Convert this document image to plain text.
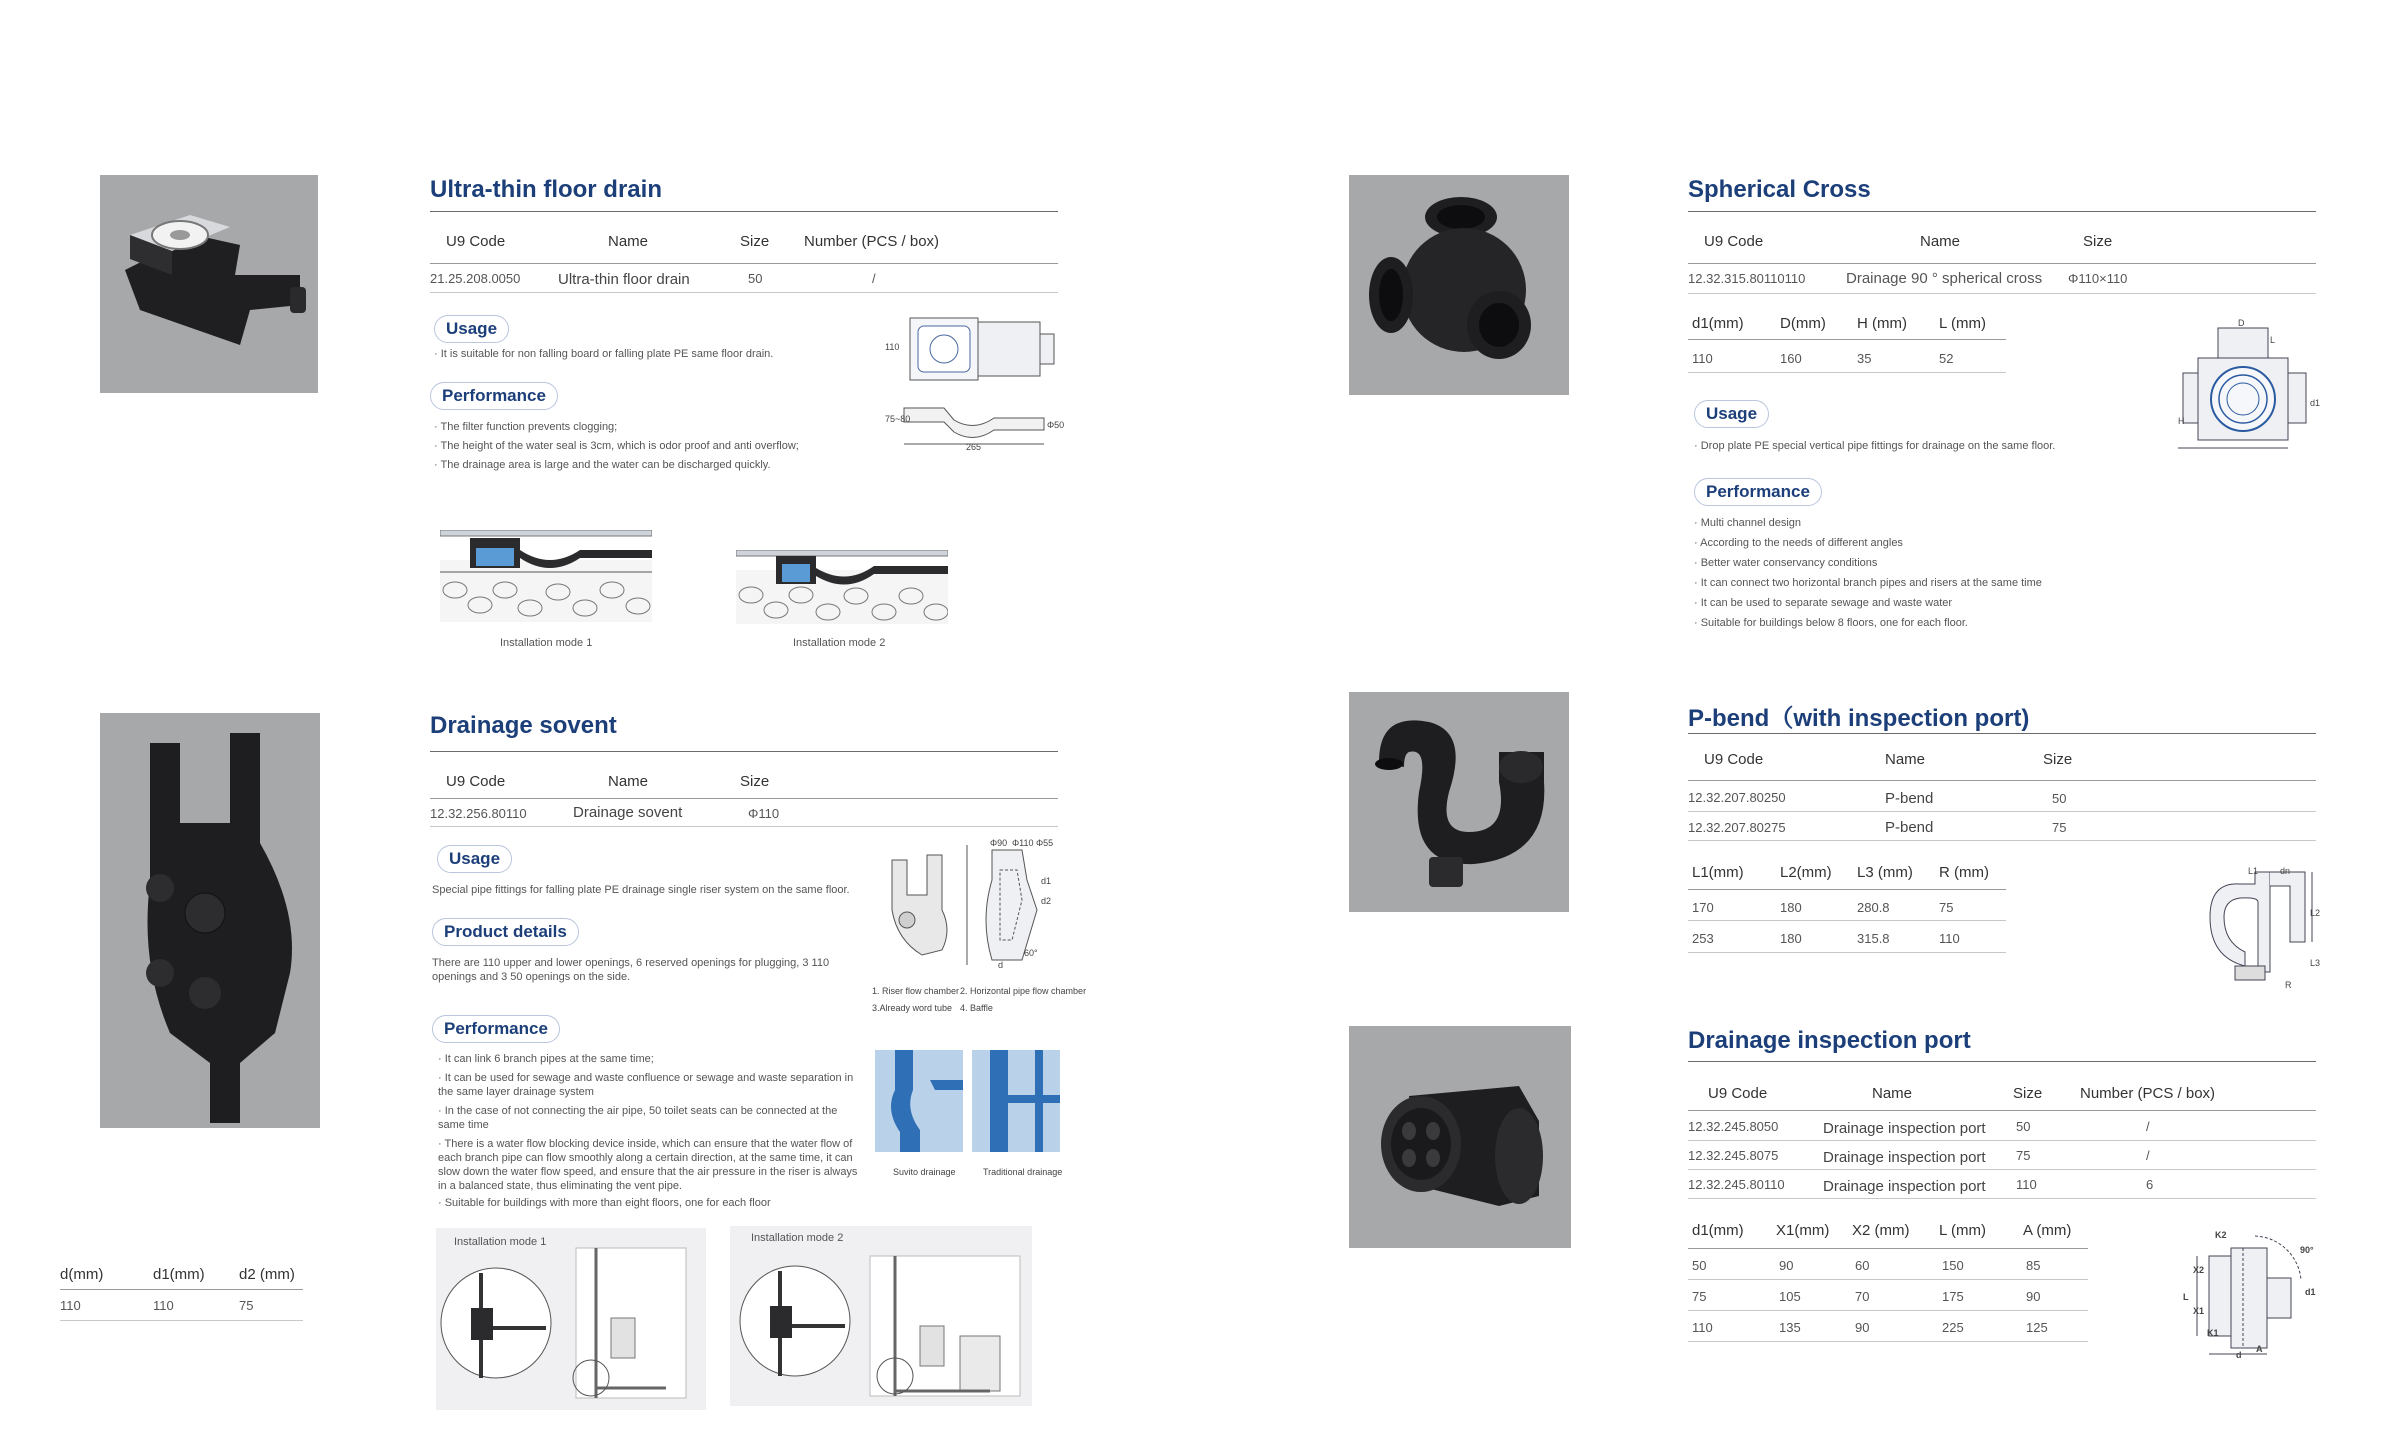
Ultra-thin floor drain
U9 Code	Name	Size Number (PCS / box)
21.25.208.0050	Ultra-thin floor drain	50	/
Usage
· It is suitable for non falling board or falling plate PE same floor drain.
Performance
· The filter function prevents clogging;
· The height of the water seal is 3cm, which is odor proof and anti overflow;
· The drainage area is large and the water can be discharged quickly.
110
75~80
265
Φ50
Installation mode 1	Installation mode 2
Drainage sovent
U9 Code	Name	Size
12.32.256.80110	Drainage sovent	Φ110
Usage
Special pipe fittings for falling plate PE drainage single riser system on the same floor.
Product details
There are 110 upper and lower openings, 6 reserved openings for plugging, 3 110 openings and 3 50 openings on the side.
Performance
· It can link 6 branch pipes at the same time;
· It can be used for sewage and waste confluence or sewage and waste separation in the same layer drainage system
· In the case of not connecting the air pipe, 50 toilet seats can be connected at the same time
· There is a water flow blocking device inside, which can ensure that the water flow of each branch pipe can flow smoothly along a certain direction, at the same time, it can slow down the water flow speed, and ensure that the air pressure in the riser is always in a balanced state, thus eliminating the vent pipe.
· Suitable for buildings with more than eight floors, one for each floor
Φ90 Φ110 Φ55
d1
d2
60°
d
1. Riser flow chamber 2. Horizontal pipe flow chamber
3.Already word tube 4. Baffle
Suvito drainage	Traditional drainage
Installation mode 1	Installation mode 2
d(mm)	d1(mm) d2 (mm)
110	110	75
Spherical Cross
U9 Code	Name	Size
12.32.315.80110110	Drainage 90 ° spherical cross Φ110×110
d1(mm) D(mm) H (mm) L (mm)
110	160	35	52
Usage
· Drop plate PE special vertical pipe fittings for drainage on the same floor.
Performance
· Multi channel design
· According to the needs of different angles
· Better water conservancy conditions
· It can connect two horizontal branch pipes and risers at the same time
· It can be used to separate sewage and waste water
· Suitable for buildings below 8 floors, one for each floor.
D
L
d1
H
P-bend（with inspection port)
U9 Code	Name	Size
12.32.207.80250	P-bend	50
12.32.207.80275	P-bend	75
L1(mm) L2(mm) L3 (mm) R (mm)
170	180	280.8	75
253	180	315.8	110
L1 dn
L2
L3
R
Drainage inspection port
U9 Code	Name	Size	Number (PCS / box)
12.32.245.8050	Drainage inspection port 50	/
12.32.245.8075	Drainage inspection port 75	/
12.32.245.80110	Drainage inspection port 110	6
d1(mm) X1(mm) X2 (mm) L (mm) A (mm)
50	90	60	150	85
75	105	70	175	90
110	135	90	225	125
K2
90°
X2
d1
L
X1
K1
d
A
